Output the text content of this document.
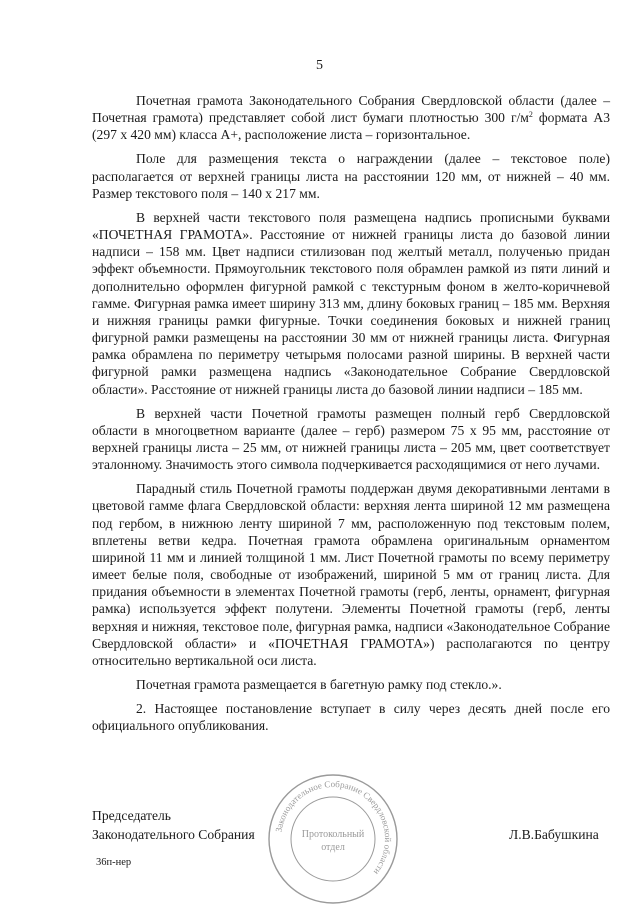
5

Почетная грамота Законодательного Собрания Свердловской области (далее – Почетная грамота) представляет собой лист бумаги плотностью 300 $г/м^2$ формата А3 (297 х 420 мм) класса А+, расположение листа – горизонтальное.

Поле для размещения текста о награждении (далее – текстовое поле) располагается от верхней границы листа на расстоянии 120 мм, от нижней – 40 мм. Размер текстового поля – 140 х 217 мм.

В верхней части текстового поля размещена надпись прописными буквами «ПОЧЕТНАЯ ГРАМОТА». Расстояние от нижней границы листа до базовой линии надписи – 158 мм. Цвет надписи стилизован под желтый металл, полученью придан эффект объемности. Прямоугольник текстового поля обрамлен рамкой из пяти линий и дополнительно оформлен фигурной рамкой с текстурным фоном в желто-коричневой гамме. Фигурная рамка имеет ширину 313 мм, длину боковых границ – 185 мм. Верхняя и нижняя границы рамки фигурные. Точки соединения боковых и нижней границ фигурной рамки размещены на расстоянии 30 мм от нижней границы листа. Фигурная рамка обрамлена по периметру четырьмя полосами разной ширины. В верхней части фигурной рамки размещена надпись «Законодательное Собрание Свердловской области». Расстояние от нижней границы листа до базовой линии надписи – 185 мм.

В верхней части Почетной грамоты размещен полный герб Свердловской области в многоцветном варианте (далее – герб) размером 75 х 95 мм, расстояние от верхней границы листа – 25 мм, от нижней границы листа – 205 мм, цвет соответствует эталонному. Значимость этого символа подчеркивается расходящимися от него лучами.

Парадный стиль Почетной грамоты поддержан двумя декоративными лентами в цветовой гамме флага Свердловской области: верхняя лента шириной 12 мм размещена под гербом, в нижнюю ленту шириной 7 мм, расположенную под текстовым полем, вплетены ветви кедра. Почетная грамота обрамлена оригинальным орнаментом шириной 11 мм и линией толщиной 1 мм. Лист Почетной грамоты по всему периметру имеет белые поля, свободные от изображений, шириной 5 мм от границ листа. Для придания объемности в элементах Почетной грамоты (герб, ленты, орнамент, фигурная рамка) используется эффект полутени. Элементы Почетной грамоты (герб, ленты верхняя и нижняя, текстовое поле, фигурная рамка, надписи «Законодательное Собрание Свердловской области» и «ПОЧЕТНАЯ ГРАМОТА») располагаются по центру относительно вертикальной оси листа.

Почетная грамота размещается в багетную рамку под стекло.».

2. Настоящее постановление вступает в силу через десять дней после его официального опубликования.

Председатель
Законодательного Собрания	Л.В.Бабушкина
Законодательное Собрание Свердловской области
Протокольный
отдел
36п-нер
